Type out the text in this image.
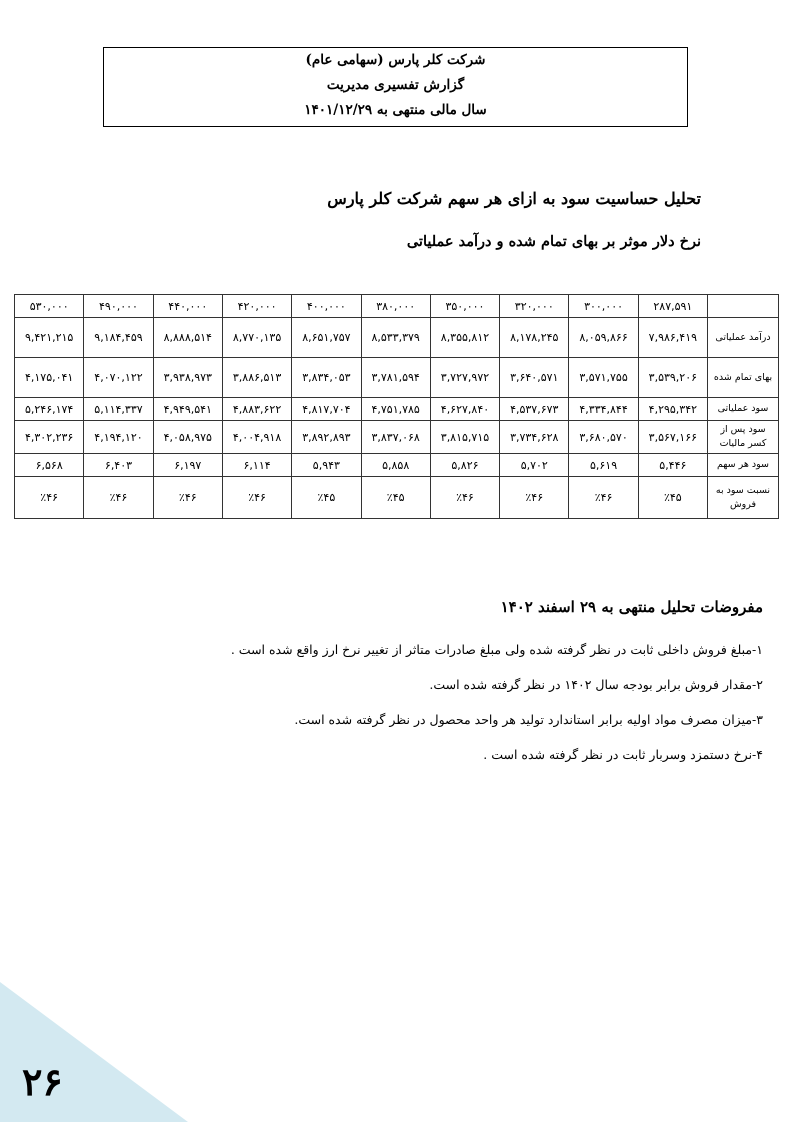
۲۶
شرکت کلر پارس (سهامی عام)
گزارش تفسیری مدیریت
سال مالی منتهی به ۱۴۰۱/۱۲/۲۹
تحلیل حساسیت سود به ازای هر سهم شرکت کلر پارس
نرخ دلار موثر بر بهای تمام شده و درآمد عملیاتی
	۲۸۷,۵۹۱	۳۰۰,۰۰۰	۳۲۰,۰۰۰	۳۵۰,۰۰۰	۳۸۰,۰۰۰	۴۰۰,۰۰۰	۴۲۰,۰۰۰	۴۴۰,۰۰۰	۴۹۰,۰۰۰	۵۳۰,۰۰۰
درآمد عملیاتی	۷,۹۸۶,۴۱۹	۸,۰۵۹,۸۶۶	۸,۱۷۸,۲۴۵	۸,۳۵۵,۸۱۲	۸,۵۳۳,۳۷۹	۸,۶۵۱,۷۵۷	۸,۷۷۰,۱۳۵	۸,۸۸۸,۵۱۴	۹,۱۸۴,۴۵۹	۹,۴۲۱,۲۱۵
بهای تمام شده	۳,۵۳۹,۲۰۶	۳,۵۷۱,۷۵۵	۳,۶۴۰,۵۷۱	۳,۷۲۷,۹۷۲	۳,۷۸۱,۵۹۴	۳,۸۳۴,۰۵۳	۳,۸۸۶,۵۱۳	۳,۹۳۸,۹۷۳	۴,۰۷۰,۱۲۲	۴,۱۷۵,۰۴۱
سود عملیاتی	۴,۲۹۵,۳۴۲	۴,۳۳۴,۸۴۴	۴,۵۳۷,۶۷۳	۴,۶۲۷,۸۴۰	۴,۷۵۱,۷۸۵	۴,۸۱۷,۷۰۴	۴,۸۸۳,۶۲۲	۴,۹۴۹,۵۴۱	۵,۱۱۴,۳۳۷	۵,۲۴۶,۱۷۴
سود پس از کسر مالیات	۳,۵۶۷,۱۶۶	۳,۶۸۰,۵۷۰	۳,۷۳۴,۶۲۸	۳,۸۱۵,۷۱۵	۳,۸۳۷,۰۶۸	۳,۸۹۲,۸۹۳	۴,۰۰۴,۹۱۸	۴,۰۵۸,۹۷۵	۴,۱۹۴,۱۲۰	۴,۳۰۲,۲۳۶
سود هر سهم	۵,۴۴۶	۵,۶۱۹	۵,۷۰۲	۵,۸۲۶	۵,۸۵۸	۵,۹۴۳	۶,۱۱۴	۶,۱۹۷	۶,۴۰۳	۶,۵۶۸
نسبت سود به فروش	٪۴۵	٪۴۶	٪۴۶	٪۴۶	٪۴۵	٪۴۵	٪۴۶	٪۴۶	٪۴۶	٪۴۶
مفروضات تحلیل منتهی به ۲۹ اسفند ۱۴۰۲
۱-مبلغ فروش داخلی ثابت در نظر گرفته شده ولی مبلغ صادرات متاثر از تغییر نرخ ارز واقع شده است .
۲-مقدار فروش برابر بودجه سال ۱۴۰۲ در نظر گرفته شده است.
۳-میزان مصرف مواد اولیه برابر استاندارد تولید هر واحد محصول در نظر گرفته شده است.
۴-نرخ دستمزد وسربار ثابت در نظر گرفته شده است .
